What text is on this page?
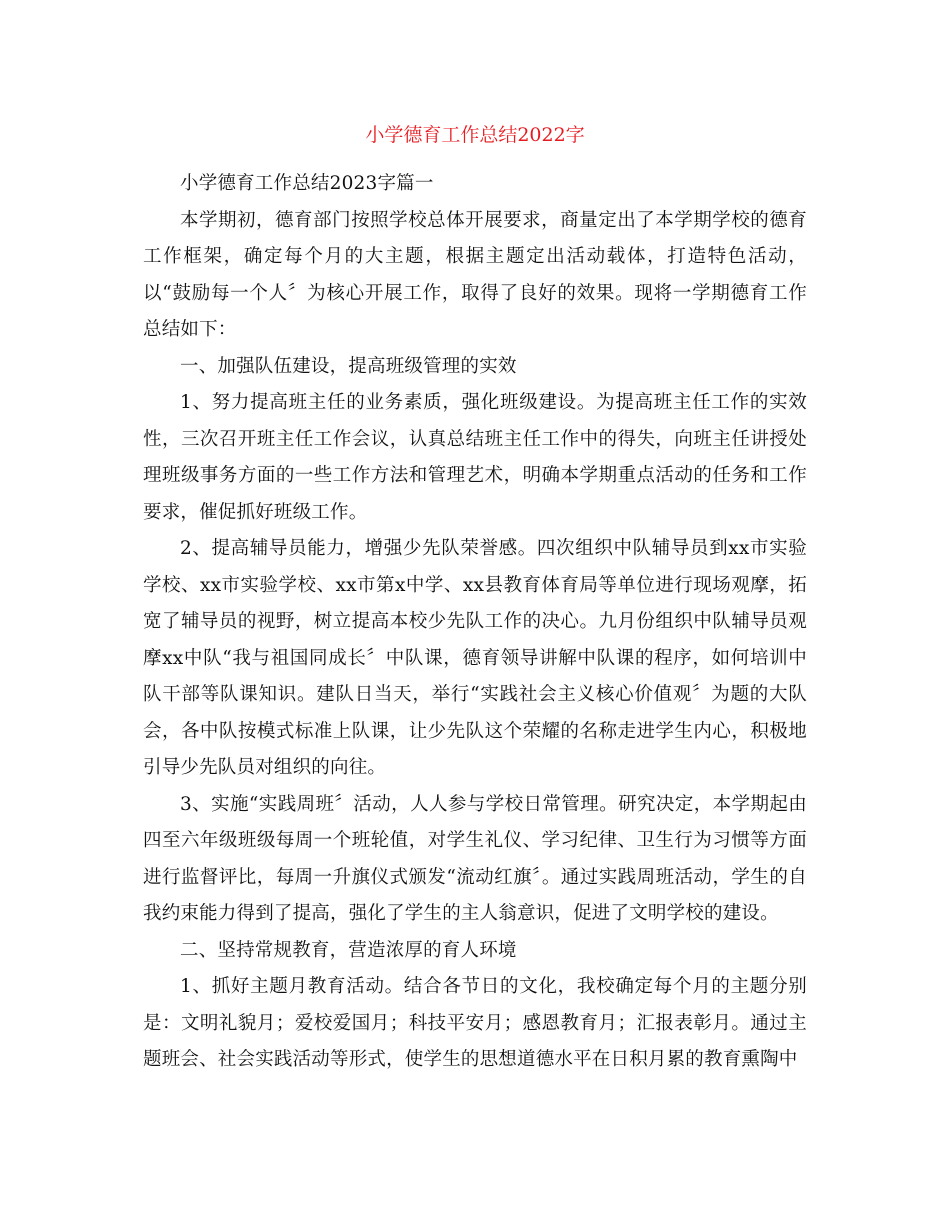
小学德育工作总结2022字

小学德育工作总结2023字篇一

本学期初，德育部门按照学校总体开展要求，商量定出了本学期学校的德育工作框架，确定每个月的大主题，根据主题定出活动载体，打造特色活动，以“鼓励每一个人〞为核心开展工作，取得了良好的效果。现将一学期德育工作总结如下：

一、加强队伍建设，提高班级管理的实效

1、努力提高班主任的业务素质，强化班级建设。为提高班主任工作的实效性，三次召开班主任工作会议，认真总结班主任工作中的得失，向班主任讲授处理班级事务方面的一些工作方法和管理艺术，明确本学期重点活动的任务和工作要求，催促抓好班级工作。

2、提高辅导员能力，增强少先队荣誉感。四次组织中队辅导员到xx市实验学校、xx市实验学校、xx市第x中学、xx县教育体育局等单位进行现场观摩，拓宽了辅导员的视野，树立提高本校少先队工作的决心。九月份组织中队辅导员观摩xx中队“我与祖国同成长〞中队课，德育领导讲解中队课的程序，如何培训中队干部等队课知识。建队日当天，举行“实践社会主义核心价值观〞为题的大队会，各中队按模式标准上队课，让少先队这个荣耀的名称走进学生内心，积极地引导少先队员对组织的向往。

3、实施“实践周班〞活动，人人参与学校日常管理。研究决定，本学期起由四至六年级班级每周一个班轮值，对学生礼仪、学习纪律、卫生行为习惯等方面进行监督评比，每周一升旗仪式颁发“流动红旗〞。通过实践周班活动，学生的自我约束能力得到了提高，强化了学生的主人翁意识，促进了文明学校的建设。

二、坚持常规教育，营造浓厚的育人环境

1、抓好主题月教育活动。结合各节日的文化，我校确定每个月的主题分别是：文明礼貌月；爱校爱国月；科技平安月；感恩教育月；汇报表彰月。通过主题班会、社会实践活动等形式，使学生的思想道德水平在日积月累的教育熏陶中
